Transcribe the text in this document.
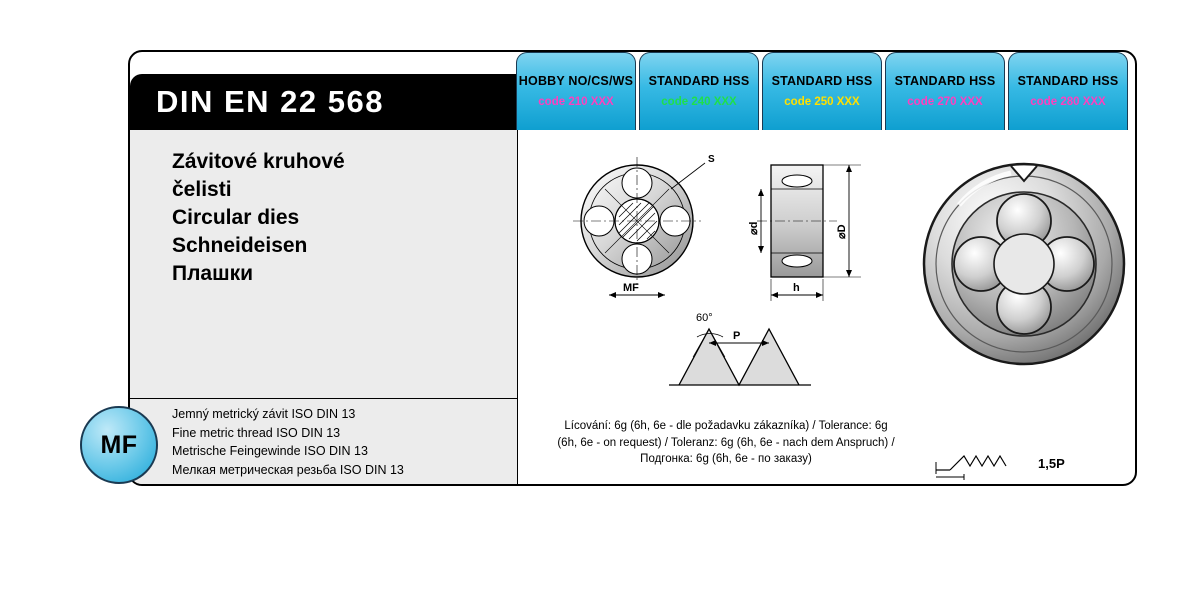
HOBBY NO/CS/WS
code 210 XXX
STANDARD HSS
code 240 XXX
STANDARD HSS
code 250 XXX
STANDARD HSS
code 270 XXX
STANDARD HSS
code 280 XXX
DIN EN 22 568
Závitové kruhové
čelisti
Circular dies
Schneideisen
Плашки
Jemný metrický závit ISO DIN 13
Fine metric thread ISO DIN 13
Metrische Feingewinde ISO DIN 13
Мелкая метрическая резьба ISO DIN 13
MF
Lícování: 6g (6h, 6e - dle požadavku zákazníka) / Tolerance: 6g
(6h, 6e - on request) / Toleranz: 6g (6h, 6e - nach dem Anspruch) /
Подгонка: 6g (6h, 6e - по заказу)	1,5P
S
MF
⌀d	⌀D
h
60°
P
